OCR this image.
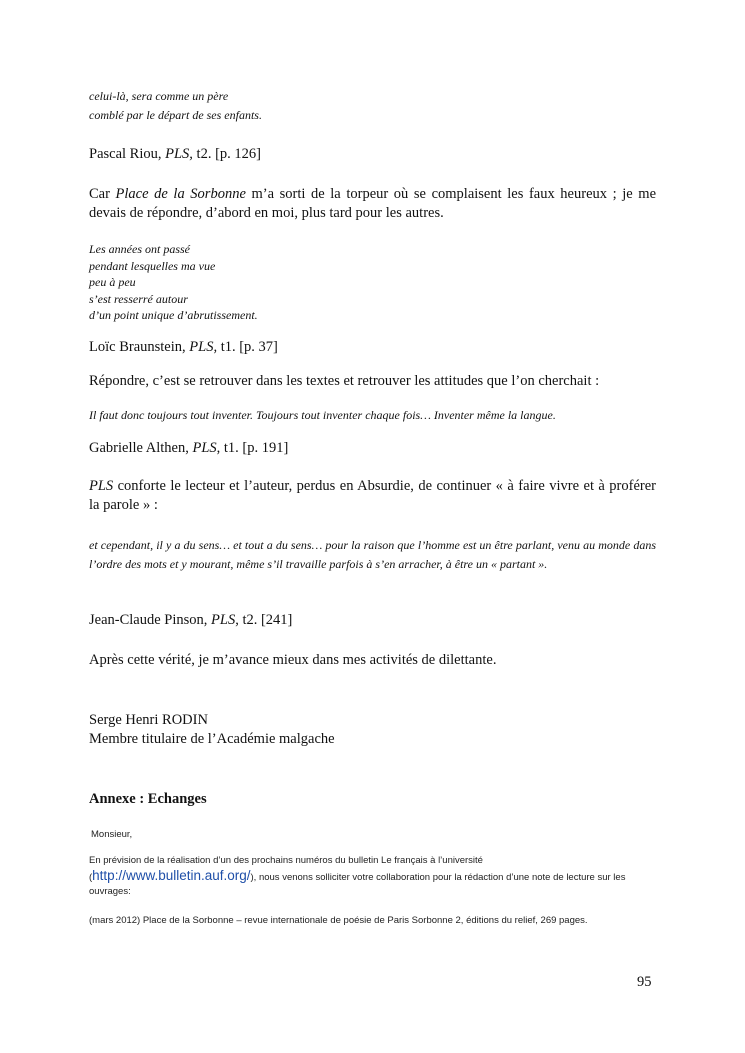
celui-là, sera comme un père
comblé par le départ de ses enfants.
Pascal Riou, PLS, t2. [p. 126]
Car Place de la Sorbonne m’a sorti de la torpeur où se complaisent les faux heureux ; je me devais de répondre, d’abord en moi, plus tard pour les autres.
Les années ont passé
pendant lesquelles ma vue
peu à peu
s’est resserré autour
d’un point unique d’abrutissement.
Loïc Braunstein, PLS, t1. [p. 37]
Répondre, c’est se retrouver dans les textes et retrouver les attitudes que l’on cherchait :
Il faut donc toujours tout inventer. Toujours tout inventer chaque fois… Inventer même la langue.
Gabrielle Althen, PLS, t1. [p. 191]
PLS conforte le lecteur et l’auteur, perdus en Absurdie, de continuer « à faire vivre et à proférer la parole » :
et cependant, il y a du sens… et tout a du sens… pour la raison que l’homme est un être parlant, venu au monde dans l’ordre des mots et y mourant, même s’il travaille parfois à s’en arracher, à être un « partant ».
Jean-Claude Pinson, PLS, t2. [241]
Après cette vérité, je m’avance mieux dans mes activités de dilettante.
Serge Henri RODIN
Membre titulaire de l’Académie malgache
Annexe : Echanges
Monsieur,
En prévision de la réalisation d’un des prochains numéros du bulletin Le français à l’université
(http://www.bulletin.auf.org/), nous venons solliciter votre collaboration pour la rédaction d’une note de lecture sur les ouvrages:
(mars 2012) Place de la Sorbonne – revue internationale de poésie de Paris Sorbonne 2, éditions du relief, 269 pages.
95
